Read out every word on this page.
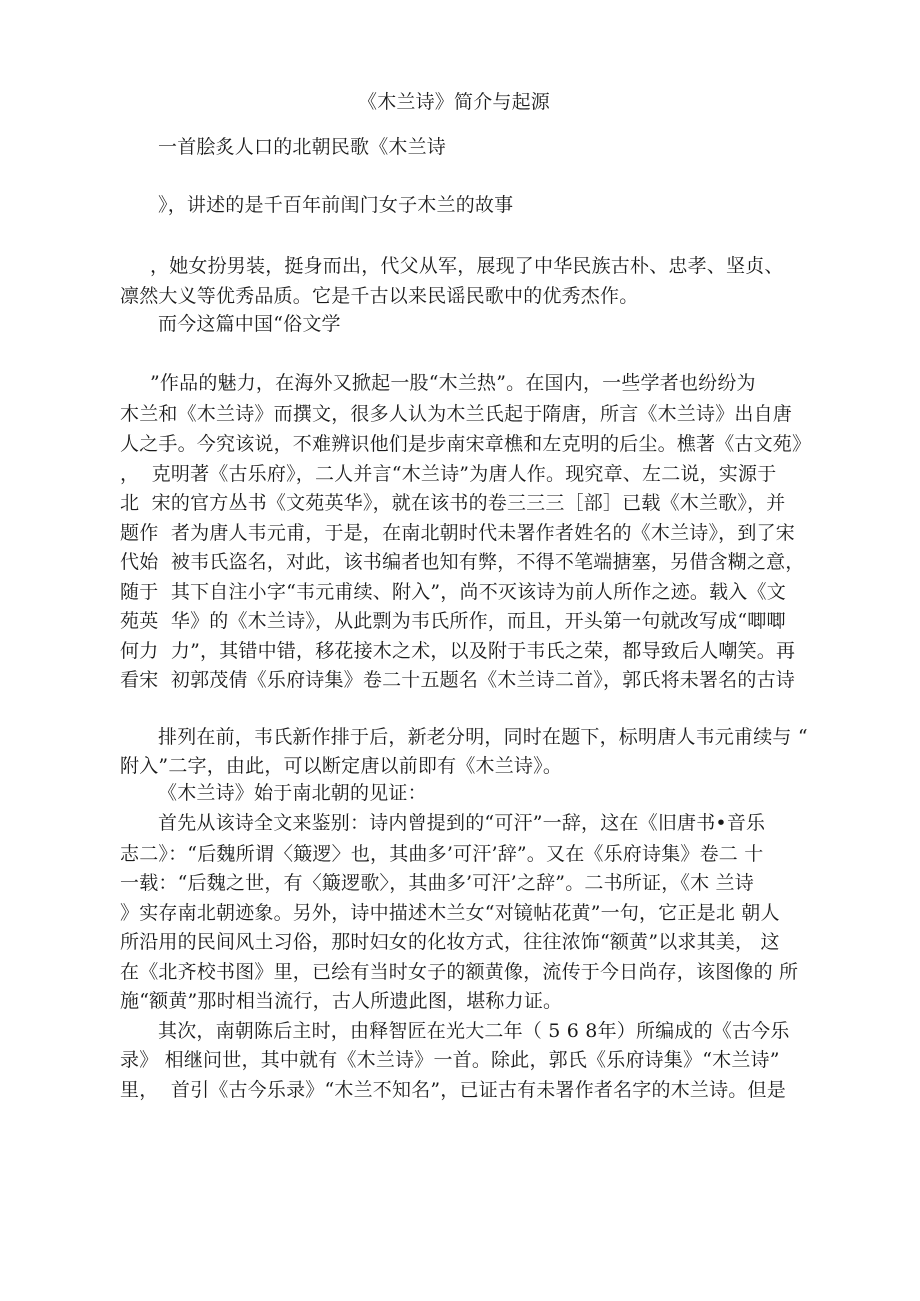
《木兰诗》简介与起源
一首脍炙人口的北朝民歌《木兰诗
》，讲述的是千百年前闺门女子木兰的故事
，她女扮男装，挺身而出，代父从军，展现了中华民族古朴、忠孝、坚贞、
凛然大义等优秀品质。它是千古以来民谣民歌中的优秀杰作。
而今这篇中国“俗文学
”作品的魅力，在海外又掀起一股“木兰热”。在国内，一些学者也纷纷为
木兰和《木兰诗》而撰文，很多人认为木兰氏起于隋唐，所言《木兰诗》出自唐
人之手。今究该说，不难辨识他们是步南宋章樵和左克明的后尘。樵著《古文苑》
，  克明著《古乐府》，二人并言“木兰诗”为唐人作。现究章、左二说，实源于
北  宋的官方丛书《文苑英华》，就在该书的卷三三三［部］已载《木兰歌》，并
题作  者为唐人韦元甫，于是，在南北朝时代未署作者姓名的《木兰诗》，到了宋
代始  被韦氏盗名，对此，该书编者也知有弊，不得不笔端搪塞，另借含糊之意，
随于  其下自注小字“韦元甫续、附入”，尚不灭该诗为前人所作之迹。载入《文
苑英  华》的《木兰诗》，从此剽为韦氏所作，而且，开头第一句就改写成“唧唧
何力  力”，其错中错，移花接木之术，以及附于韦氏之荣，都导致后人嘲笑。再
看宋  初郭茂倩《乐府诗集》卷二十五题名《木兰诗二首》，郭氏将未署名的古诗
排列在前，韦氏新作排于后，新老分明，同时在题下，标明唐人韦元甫续与 “
附入”二字，由此，可以断定唐以前即有《木兰诗》。
《木兰诗》始于南北朝的见证：
首先从该诗全文来鉴别：诗内曾提到的“可汗”一辞，这在《旧唐书•音乐
志二》：“后魏所谓〈簸逻〉也，其曲多’可汗’辞”。又在《乐府诗集》卷二 十
一载：“后魏之世，有〈簸逻歌〉，其曲多’可汗’之辞”。二书所证，《木 兰诗
》实存南北朝迹象。另外，诗中描述木兰女“对镜帖花黄”一句，它正是北 朝人
所沿用的民间风土习俗，那时妇女的化妆方式，往往浓饰“额黄”以求其美， 这
在《北齐校书图》里，已绘有当时女子的额黄像，流传于今日尚存，该图像的 所
施“额黄”那时相当流行，古人所遗此图，堪称力证。
其次，南朝陈后主时，由释智匠在光大二年（ 5 6 8年）所编成的《古今乐
录》 相继问世，其中就有《木兰诗》一首。除此，郭氏《乐府诗集》“木兰诗”
里，  首引《古今乐录》“木兰不知名”，已证古有未署作者名字的木兰诗。但是
